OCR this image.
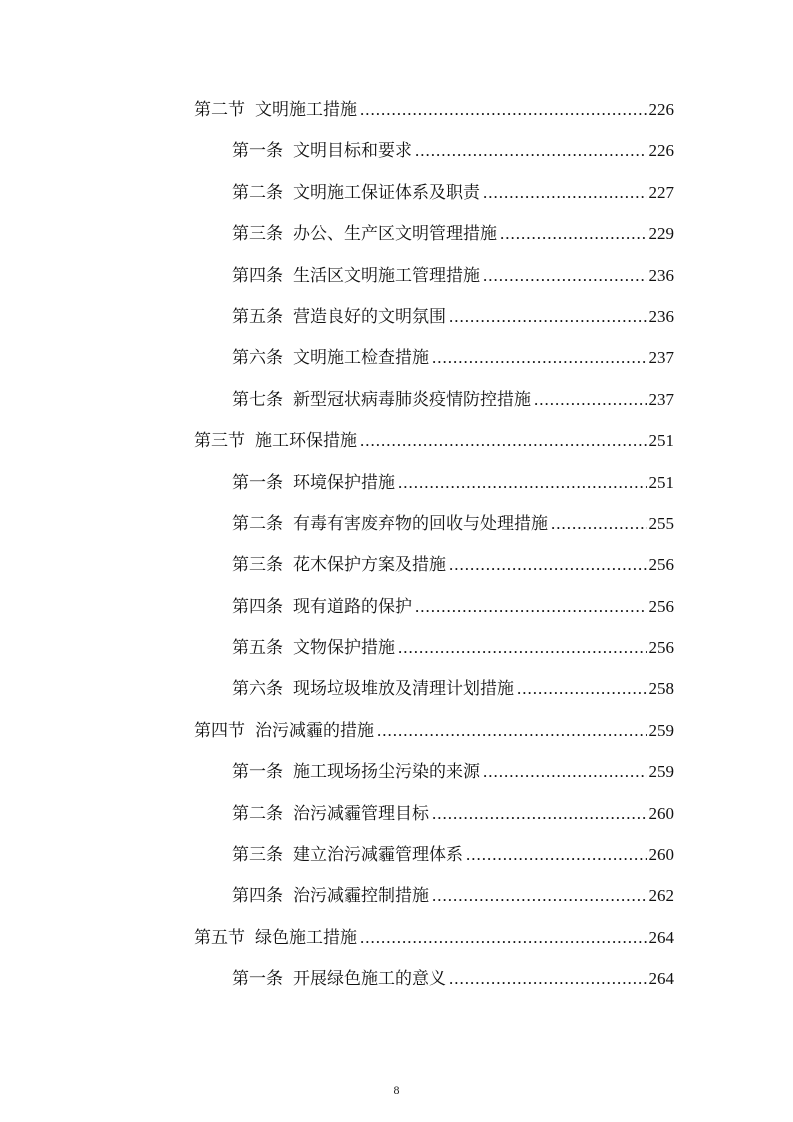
第二节 文明施工措施 .....	226
第一条 文明目标和要求 .....	226
第二条 文明施工保证体系及职责 .....	227
第三条 办公、生产区文明管理措施 .....	229
第四条 生活区文明施工管理措施 .....	236
第五条 营造良好的文明氛围 .....	236
第六条 文明施工检查措施 .....	237
第七条 新型冠状病毒肺炎疫情防控措施 .....	237
第三节 施工环保措施 .....	251
第一条 环境保护措施 .....	251
第二条 有毒有害废弃物的回收与处理措施 .....	255
第三条 花木保护方案及措施 .....	256
第四条 现有道路的保护 .....	256
第五条 文物保护措施 .....	256
第六条 现场垃圾堆放及清理计划措施 .....	258
第四节 治污减霾的措施 .....	259
第一条 施工现场扬尘污染的来源 .....	259
第二条 治污减霾管理目标 .....	260
第三条 建立治污减霾管理体系 .....	260
第四条 治污减霾控制措施 .....	262
第五节 绿色施工措施 .....	264
第一条 开展绿色施工的意义 .....	264
8
